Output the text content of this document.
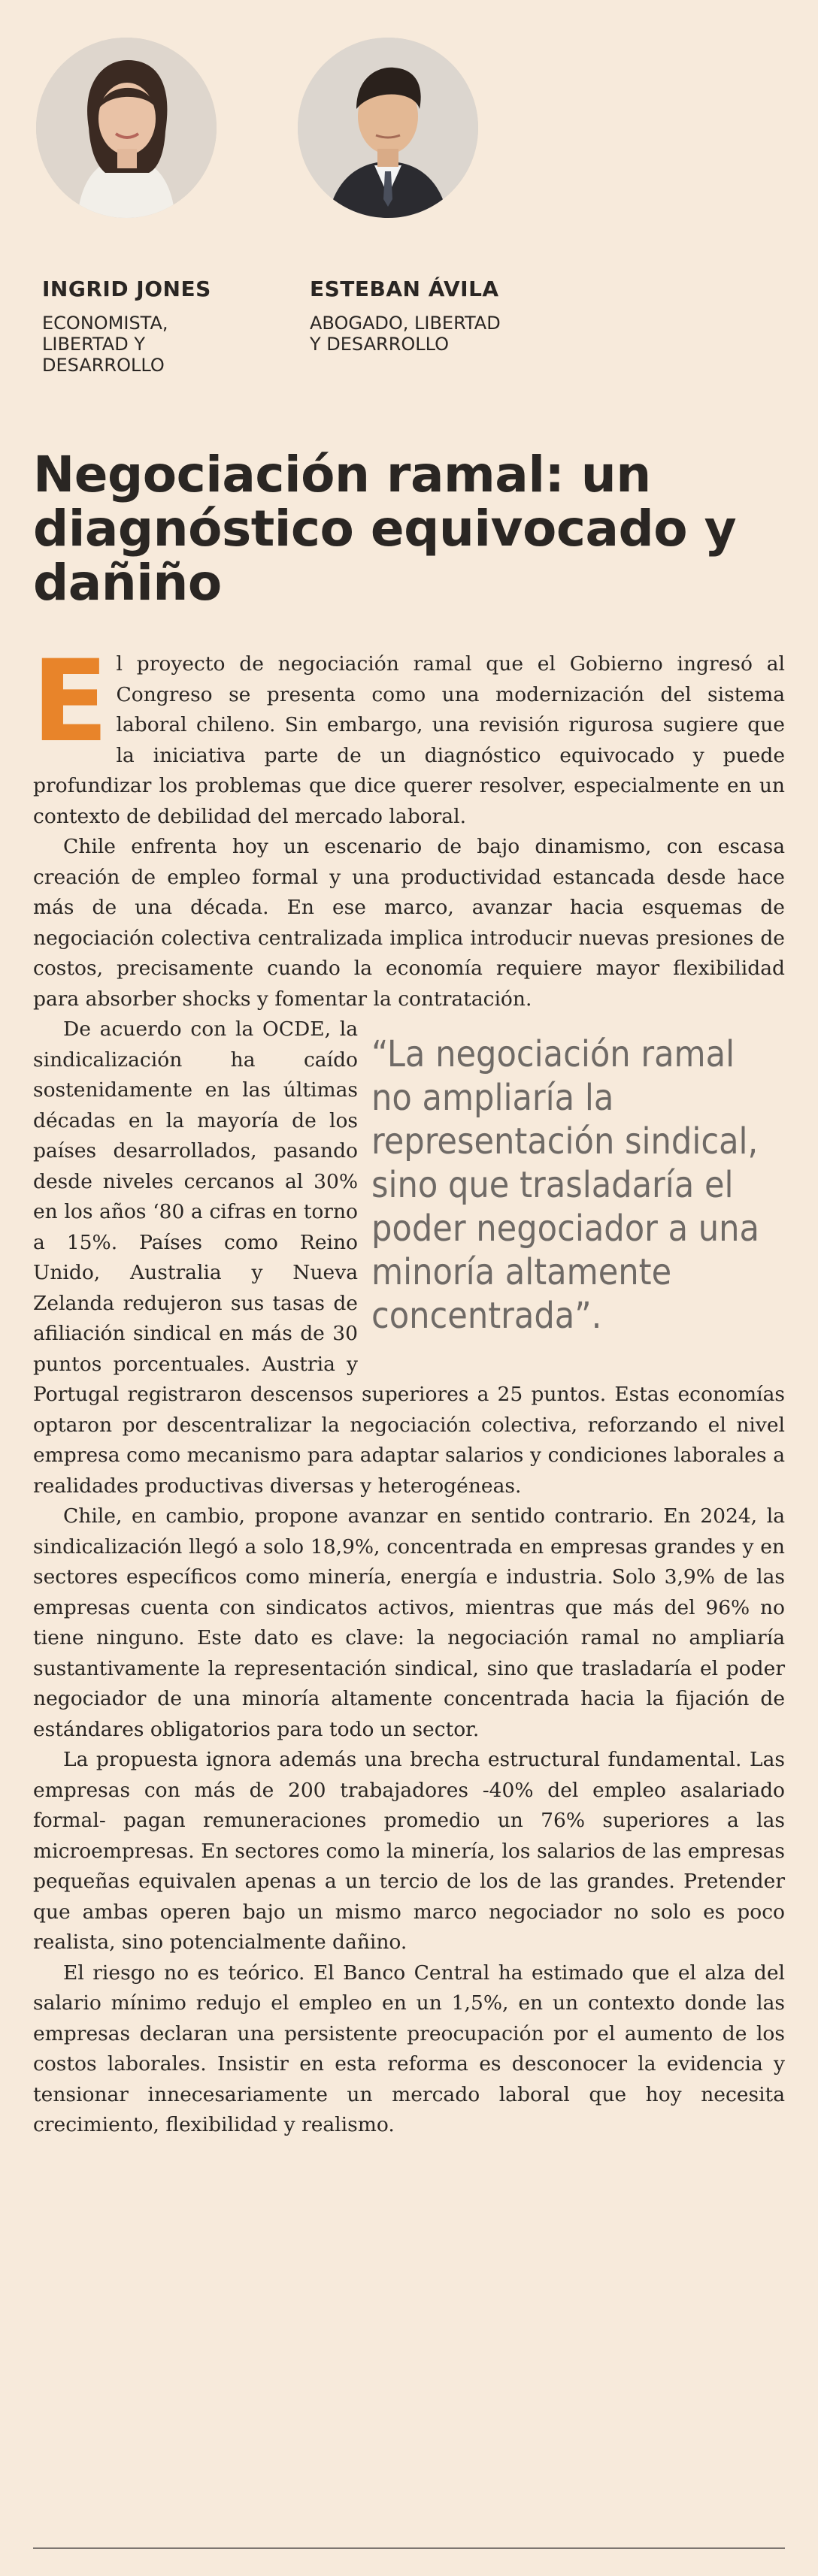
INGRID JONES
ECONOMISTA, LIBERTAD Y DESARROLLO
ESTEBAN ÁVILA
ABOGADO, LIBERTAD Y DESARROLLO
Negociación ramal: un diagnóstico equivocado y dañiño

El proyecto de negociación ramal que el Gobierno ingresó al Congreso se presenta como una modernización del sistema laboral chileno. Sin embargo, una revisión rigurosa sugiere que la iniciativa parte de un diagnóstico equivocado y puede profundizar los problemas que dice querer resolver, especialmente en un contexto de debilidad del mercado laboral.

Chile enfrenta hoy un escenario de bajo dinamismo, con escasa creación de empleo formal y una productividad estancada desde hace más de una década. En ese marco, avanzar hacia esquemas de negociación colectiva centralizada implica introducir nuevas presiones de costos, precisamente cuando la economía requiere mayor flexibilidad para absorber shocks y fomentar la contratación.

“La negociación ramal no ampliaría la representación sindical, sino que trasladaría el poder negociador a una minoría altamente concentrada”.
De acuerdo con la OCDE, la sindicalización ha caído sostenidamente en las últimas décadas en la mayoría de los países desarrollados, pasando desde niveles cercanos al 30% en los años ‘80 a cifras en torno a 15%. Países como Reino Unido, Australia y Nueva Zelanda redujeron sus tasas de afiliación sindical en más de 30 puntos porcentuales. Austria y Portugal registraron descensos superiores a 25 puntos. Estas economías optaron por descentralizar la negociación colectiva, reforzando el nivel empresa como mecanismo para adaptar salarios y condiciones laborales a realidades productivas diversas y heterogéneas.

Chile, en cambio, propone avanzar en sentido contrario. En 2024, la sindicalización llegó a solo 18,9%, concentrada en empresas grandes y en sectores específicos como minería, energía e industria. Solo 3,9% de las empresas cuenta con sindicatos activos, mientras que más del 96% no tiene ninguno. Este dato es clave: la negociación ramal no ampliaría sustantivamente la representación sindical, sino que trasladaría el poder negociador de una minoría altamente concentrada hacia la fijación de estándares obligatorios para todo un sector.

La propuesta ignora además una brecha estructural fundamental. Las empresas con más de 200 trabajadores -40% del empleo asalariado formal- pagan remuneraciones promedio un 76% superiores a las microempresas. En sectores como la minería, los salarios de las empresas pequeñas equivalen apenas a un tercio de los de las grandes. Pretender que ambas operen bajo un mismo marco negociador no solo es poco realista, sino potencialmente dañino.

El riesgo no es teórico. El Banco Central ha estimado que el alza del salario mínimo redujo el empleo en un 1,5%, en un contexto donde las empresas declaran una persistente preocupación por el aumento de los costos laborales. Insistir en esta reforma es desconocer la evidencia y tensionar innecesariamente un mercado laboral que hoy necesita crecimiento, flexibilidad y realismo.
